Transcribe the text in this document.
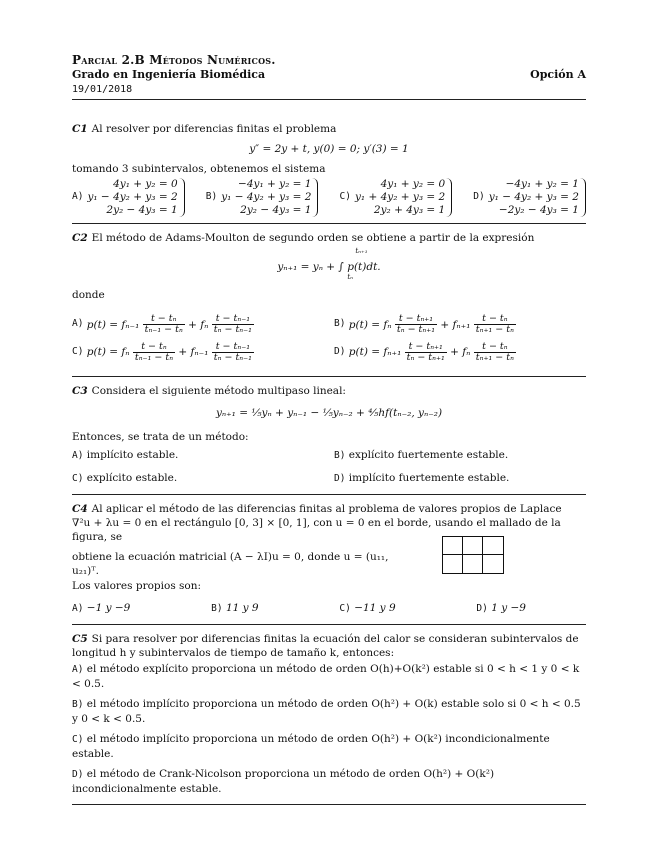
Parcial 2.B Métodos Numéricos.
Grado en Ingeniería Biomédica	Opción A
19/01/2018
C1 Al resolver por diferencias finitas el problema
y″ = 2y + t, y(0) = 0; y′(3) = 1
tomando 3 subintervalos, obtenemos el sistema
A)
4y₁ + y₂ = 0
y₁ − 4y₂ + y₃ = 2
2y₂ − 4y₃ = 1
B)
−4y₁ + y₂ = 1
y₁ − 4y₂ + y₃ = 2
2y₂ − 4y₃ = 1
C)
4y₁ + y₂ = 0
y₁ + 4y₂ + y₃ = 2
2y₂ + 4y₃ = 1
D)
−4y₁ + y₂ = 1
y₁ − 4y₂ + y₃ = 2
−2y₂ − 4y₃ = 1
C2 El método de Adams-Moulton de segundo orden se obtiene a partir de la expresión
yₙ₊₁ = yₙ + ∫ p(t)dt.
tₙ₊₁
tₙ
donde
A)
p(t) = fₙ₋₁
$\frac{\text{t − tₙ}}{\text{tₙ₋₁ − tₙ}}$
+ fₙ
$\frac{\text{t − tₙ₋₁}}{\text{tₙ − tₙ₋₁}}$	B)
p(t) = fₙ
$\frac{\text{t − tₙ₊₁}}{\text{tₙ − tₙ₊₁}}$
+ fₙ₊₁
$\frac{\text{t − tₙ}}{\text{tₙ₊₁ − tₙ}}$
C)
p(t) = fₙ
$\frac{\text{t − tₙ}}{\text{tₙ₋₁ − tₙ}}$
+ fₙ₋₁
$\frac{\text{t − tₙ₋₁}}{\text{tₙ − tₙ₋₁}}$	D)
p(t) = fₙ₊₁
$\frac{\text{t − tₙ₊₁}}{\text{tₙ − tₙ₊₁}}$
+ fₙ
$\frac{\text{t − tₙ}}{\text{tₙ₊₁ − tₙ}}$
C3 Considera el siguiente método multipaso lineal:
yₙ₊₁ = ¹⁄₅yₙ + yₙ₋₁ − ¹⁄₅yₙ₋₂ + ⁴⁄₅hf(tₙ₋₂, yₙ₋₂)
Entonces, se trata de un método:
A) implícito estable.	B) explícito fuertemente estable.
C) explícito estable.	D) implícito fuertemente estable.
C4 Al aplicar el método de las diferencias finitas al problema de valores propios de Laplace
∇²u + λu = 0 en el rectángulo [0, 3] × [0, 1], con u = 0 en el borde, usando el mallado de la figura, se
obtiene la ecuación matricial (A − λI)u = 0, donde u = (u₁₁, u₂₁)ᵀ.
Los valores propios son:
A) −1 y −9	B) 11 y 9	C) −11 y 9	D) 1 y −9
C5 Si para resolver por diferencias finitas la ecuación del calor se consideran subintervalos de longitud h y subintervalos de tiempo de tamaño k, entonces:
A) el método explícito proporciona un método de orden O(h)+O(k²) estable si 0 < h < 1 y 0 < k < 0.5.
B) el método implícito proporciona un método de orden O(h²) + O(k) estable solo si 0 < h < 0.5 y 0 < k < 0.5.
C) el método implícito proporciona un método de orden O(h²) + O(k²) incondicionalmente estable.
D) el método de Crank-Nicolson proporciona un método de orden O(h²) + O(k²) incondicionalmente estable.
